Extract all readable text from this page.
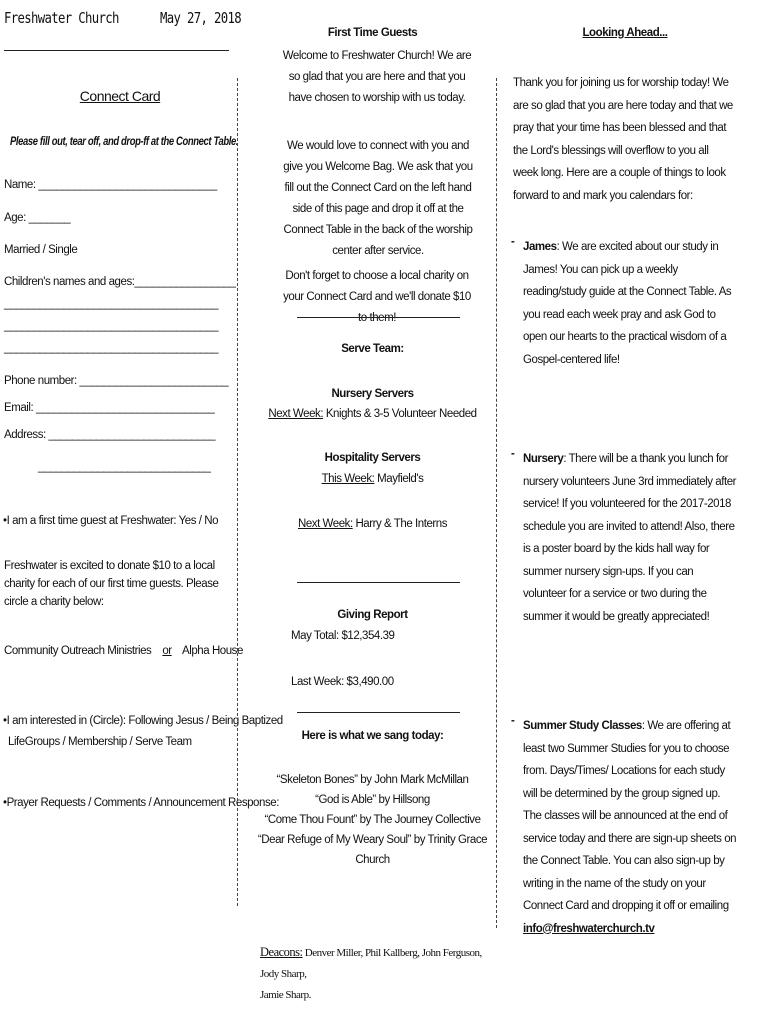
Freshwater Church	May 27, 2018
Connect Card
Please fill out, tear off, and drop-ff at the Connect Table.
Name: ______________________________
Age: _______
Married / Single
Children's names and ages:_________________
____________________________________
____________________________________
____________________________________
Phone number: _________________________
Email: ______________________________
Address: ____________________________
_____________________________
• I am a first time guest at Freshwater: Yes / No
Freshwater is excited to donate $10 to a local charity for each of our first time guests. Please circle a charity below:
Community Outreach Ministries or Alpha House
• I am interested in (Circle): Following Jesus / Being Baptized
LifeGroups / Membership / Serve Team
• Prayer Requests / Comments / Announcement Response:
First Time Guests
Welcome to Freshwater Church! We are so glad that you are here and that you have chosen to worship with us today.
We would love to connect with you and give you Welcome Bag. We ask that you fill out the Connect Card on the left hand side of this page and drop it off at the Connect Table in the back of the worship center after service.
Don't forget to choose a local charity on your Connect Card and we'll donate $10 to them!
Serve Team:
Nursery Servers
Next Week: Knights & 3-5 Volunteer Needed
Hospitality Servers
This Week: Mayfield's
Next Week: Harry & The Interns
Giving Report
May Total: $12,354.39
Last Week: $3,490.00
Here is what we sang today:
“Skeleton Bones” by John Mark McMillan
“God is Able” by Hillsong
“Come Thou Fount” by The Journey Collective
“Dear Refuge of My Weary Soul” by Trinity Grace
Church
Deacons: Denver Miller, Phil Kallberg, John Ferguson, Jody Sharp,
Jamie Sharp.
Looking Ahead...
Thank you for joining us for worship today! We are so glad that you are here today and that we pray that your time has been blessed and that the Lord's blessings will overflow to you all week long. Here are a couple of things to look forward to and mark you calendars for:
- James: We are excited about our study in James! You can pick up a weekly reading/study guide at the Connect Table. As you read each week pray and ask God to open our hearts to the practical wisdom of a Gospel-centered life!
- Nursery: There will be a thank you lunch for nursery volunteers June 3rd immediately after service! If you volunteered for the 2017-2018 schedule you are invited to attend! Also, there is a poster board by the kids hall way for summer nursery sign-ups. If you can volunteer for a service or two during the summer it would be greatly appreciated!
- Summer Study Classes: We are offering at least two Summer Studies for you to choose from. Days/Times/ Locations for each study will be determined by the group signed up. The classes will be announced at the end of service today and there are sign-up sheets on the Connect Table. You can also sign-up by writing in the name of the study on your Connect Card and dropping it off or emailing info@freshwaterchurch.tv
